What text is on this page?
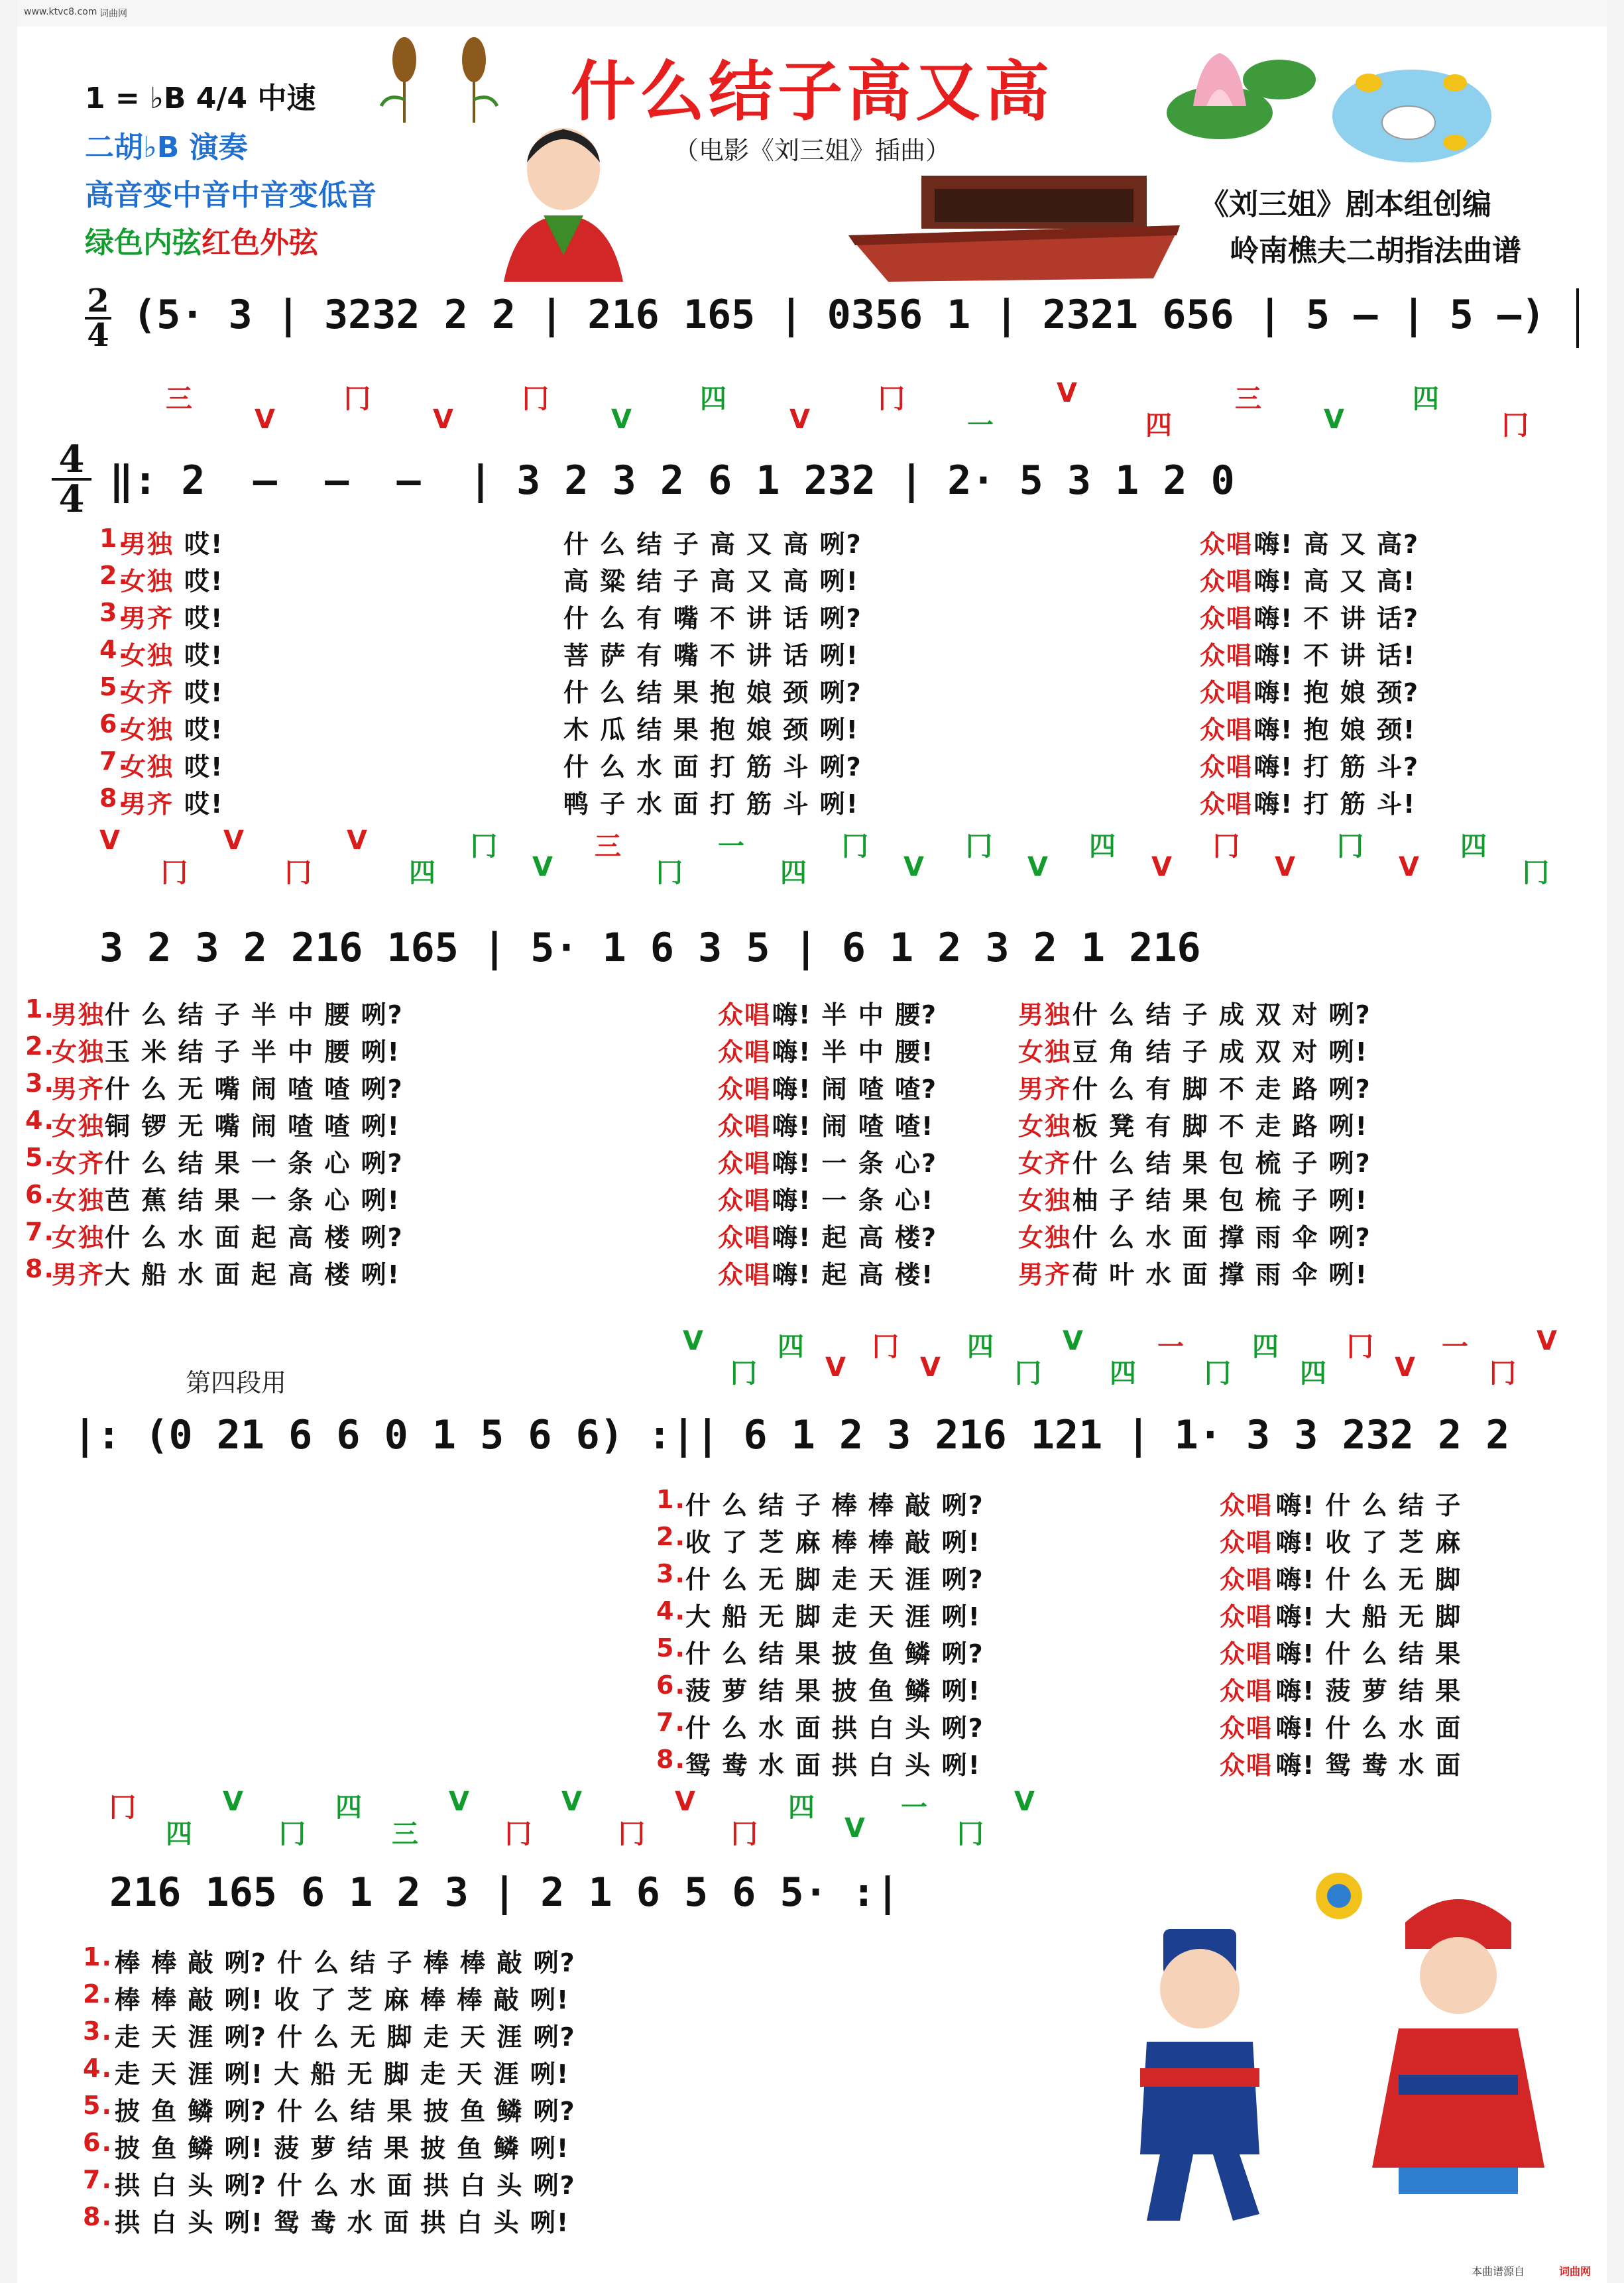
www.ktvc8.com 词曲网
什么结子高又高
（电影《刘三姐》插曲）
1 = ♭B 4/4 中速
二胡♭B 演奏
高音变中音中音变低音
绿色内弦红色外弦
《刘三姐》剧本组创编
岭南樵夫二胡指法曲谱
2
4 (5· 3 | 3232 2 2 | 216 165 | 0356 1 | 2321 656 | 5 — | 5 —)
4
4
三
V
冂
V
冂
V
四
V
冂
一
V
四
三
V
四
冂
‖: 2  —  —  —  | 3 2 3 2 6 1 232 | 2· 5 3 1 2 0
1.
男独 哎!	什 么 结 子 高 又 高 咧?	众唱 嗨! 高 又 高?
2.
女独 哎!	高 粱 结 子 高 又 高 咧!	众唱 嗨! 高 又 高!
3.
男齐 哎!	什 么 有 嘴 不 讲 话 咧?	众唱 嗨! 不 讲 话?
4.
女独 哎!	菩 萨 有 嘴 不 讲 话 咧!	众唱 嗨! 不 讲 话!
5.
女齐 哎!	什 么 结 果 抱 娘 颈 咧?	众唱 嗨! 抱 娘 颈?
6.
女独 哎!	木 瓜 结 果 抱 娘 颈 咧!	众唱 嗨! 抱 娘 颈!
7.
女独 哎!	什 么 水 面 打 筋 斗 咧?	众唱 嗨! 打 筋 斗?
8.
男齐 哎!	鸭 子 水 面 打 筋 斗 咧!	众唱 嗨! 打 筋 斗!
V
冂
V
冂
V
四
冂
V
三
冂
一
四
冂
V
冂
V
四
V
冂
V
冂
V
四
冂
3 2 3 2 216 165 | 5· 1 6 3 5 | 6 1 2 3 2 1 216
1.
男独 什 么 结 子 半 中 腰 咧?	众唱 嗨! 半 中 腰?	男独 什 么 结 子 成 双 对 咧?
2.
女独 玉 米 结 子 半 中 腰 咧!	众唱 嗨! 半 中 腰!	女独 豆 角 结 子 成 双 对 咧!
3.
男齐 什 么 无 嘴 闹 喳 喳 咧?	众唱 嗨! 闹 喳 喳?	男齐 什 么 有 脚 不 走 路 咧?
4.
女独 铜 锣 无 嘴 闹 喳 喳 咧!	众唱 嗨! 闹 喳 喳!	女独 板 凳 有 脚 不 走 路 咧!
5.
女齐 什 么 结 果 一 条 心 咧?	众唱 嗨! 一 条 心?	女齐 什 么 结 果 包 梳 子 咧?
6.
女独 芭 蕉 结 果 一 条 心 咧!	众唱 嗨! 一 条 心!	女独 柚 子 结 果 包 梳 子 咧!
7.
女独 什 么 水 面 起 高 楼 咧?	众唱 嗨! 起 高 楼?	女独 什 么 水 面 撑 雨 伞 咧?
8.
男齐 大 船 水 面 起 高 楼 咧!	众唱 嗨! 起 高 楼!	男齐 荷 叶 水 面 撑 雨 伞 咧!
第四段用
V
冂
四
V
冂
V
四
冂
V
四
一
冂
四
四
冂
V
一
冂
V
|: (0 21 6 6 0 1 5 6 6) :|| 6 1 2 3 216 121 | 1· 3 3 232 2 2
1. 什 么 结 子 棒 棒 敲 咧?	众唱 嗨! 什 么 结 子
2. 收 了 芝 麻 棒 棒 敲 咧!	众唱 嗨! 收 了 芝 麻
3. 什 么 无 脚 走 天 涯 咧?	众唱 嗨! 什 么 无 脚
4. 大 船 无 脚 走 天 涯 咧!	众唱 嗨! 大 船 无 脚
5. 什 么 结 果 披 鱼 鳞 咧?	众唱 嗨! 什 么 结 果
6. 菠 萝 结 果 披 鱼 鳞 咧!	众唱 嗨! 菠 萝 结 果
7. 什 么 水 面 拱 白 头 咧?	众唱 嗨! 什 么 水 面
8. 鸳 鸯 水 面 拱 白 头 咧!	众唱 嗨! 鸳 鸯 水 面
冂
四
V
冂
四
三
V
冂
V
冂
V
冂
四
V
一
冂
V
216 165 6 1 2 3 | 2 1 6 5 6 5· :|
1. 棒 棒 敲 咧? 什 么 结 子 棒 棒 敲 咧?
2. 棒 棒 敲 咧! 收 了 芝 麻 棒 棒 敲 咧!
3. 走 天 涯 咧? 什 么 无 脚 走 天 涯 咧?
4. 走 天 涯 咧! 大 船 无 脚 走 天 涯 咧!
5. 披 鱼 鳞 咧? 什 么 结 果 披 鱼 鳞 咧?
6. 披 鱼 鳞 咧! 菠 萝 结 果 披 鱼 鳞 咧!
7. 拱 白 头 咧? 什 么 水 面 拱 白 头 咧?
8. 拱 白 头 咧! 鸳 鸯 水 面 拱 白 头 咧!
本曲谱源自	词曲网
